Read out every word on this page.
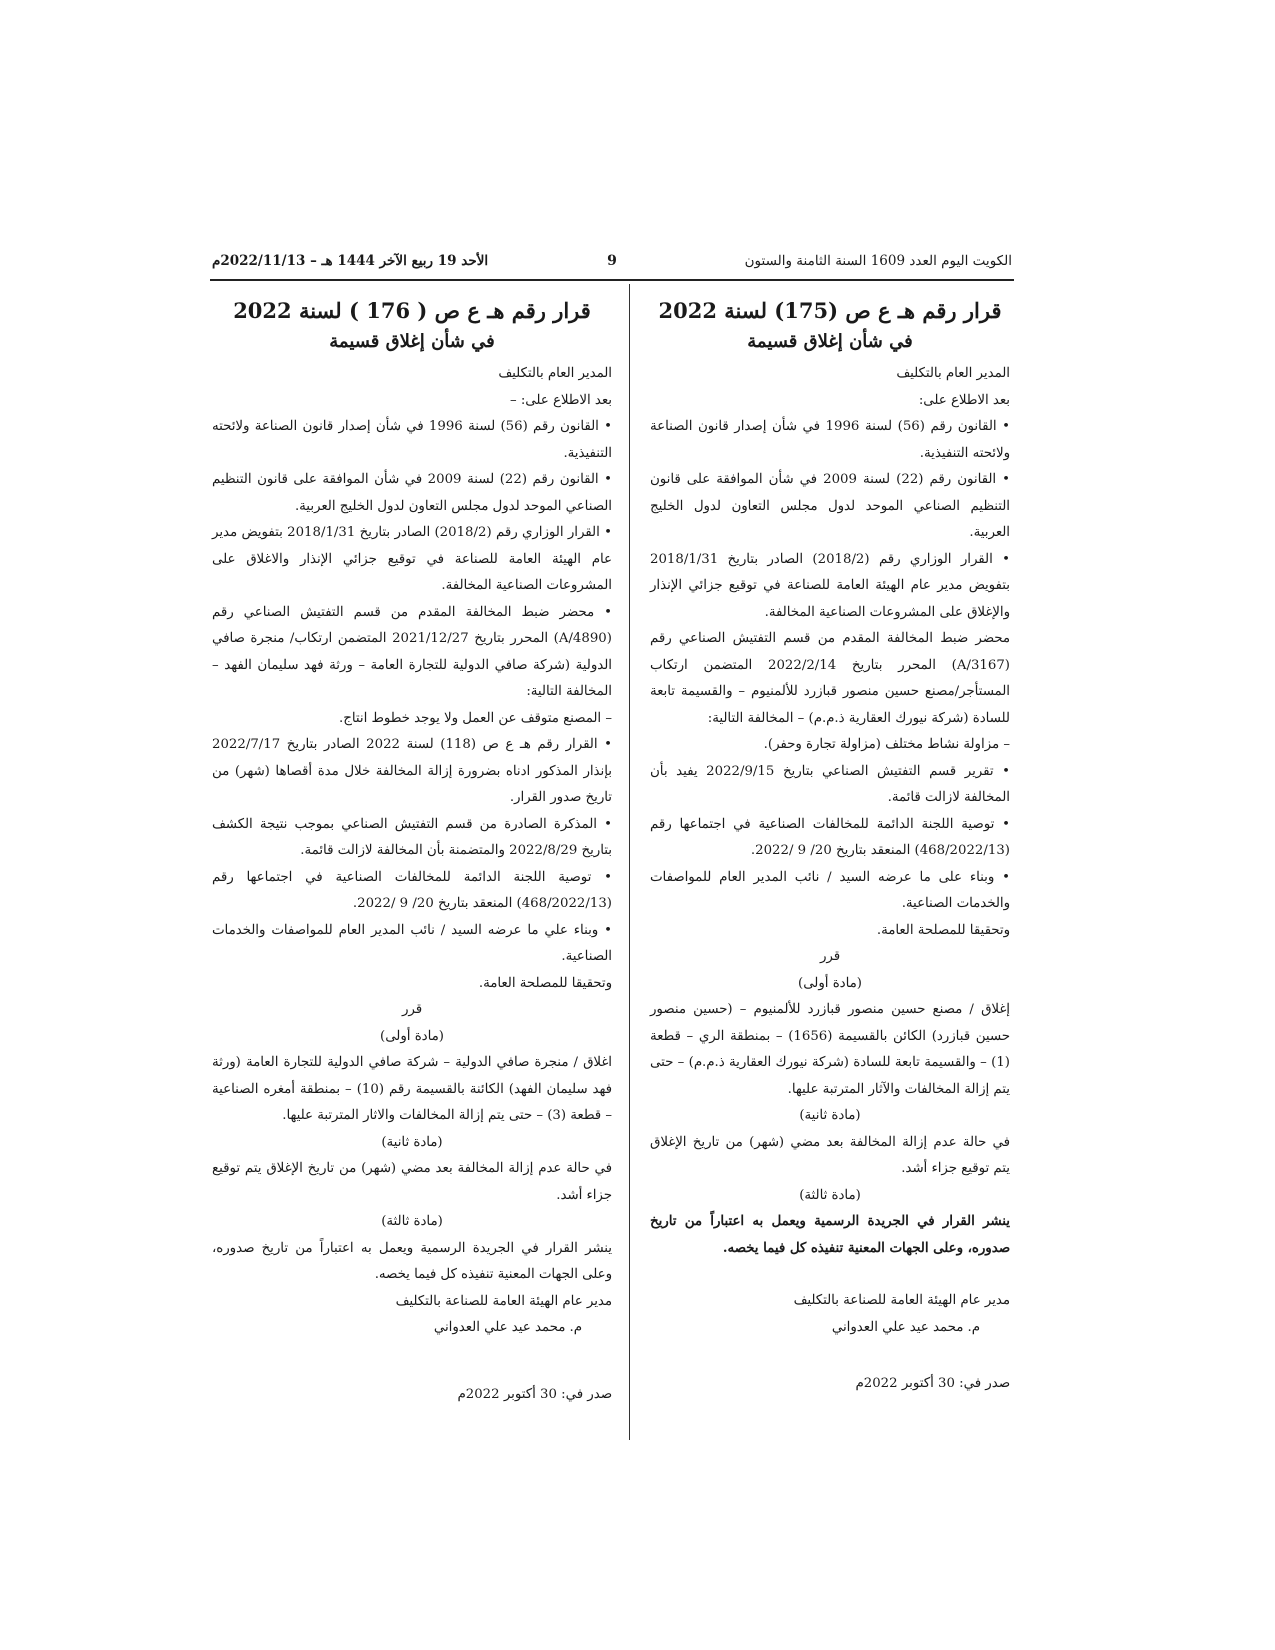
الكويت اليوم العدد 1609 السنة الثامنة والستون
9
الأحد 19 ربيع الآخر 1444 هـ – 2022/11/13م

قرار رقم هـ ع ص (175) لسنة 2022

في شأن إغلاق قسيمة

المدير العام بالتكليف

بعد الاطلاع على:

• القانون رقم (56) لسنة 1996 في شأن إصدار قانون الصناعة ولائحته التنفيذية.

• القانون رقم (22) لسنة 2009 في شأن الموافقة على قانون التنظيم الصناعي الموحد لدول مجلس التعاون لدول الخليج العربية.

• القرار الوزاري رقم (2018/2) الصادر بتاريخ 2018/1/31 بتفويض مدير عام الهيئة العامة للصناعة في توقيع جزائي الإنذار والإغلاق على المشروعات الصناعية المخالفة.

محضر ضبط المخالفة المقدم من قسم التفتيش الصناعي رقم (A/3167) المحرر بتاريخ 2022/2/14 المتضمن ارتكاب المستأجر/مصنع حسين منصور قبازرد للألمنيوم – والقسيمة تابعة للسادة (شركة نيورك العقارية ذ.م.م) – المخالفة التالية:

– مزاولة نشاط مختلف (مزاولة تجارة وحفر).

• تقرير قسم التفتيش الصناعي بتاريخ 2022/9/15 يفيد بأن المخالفة لازالت قائمة.

• توصية اللجنة الدائمة للمخالفات الصناعية في اجتماعها رقم (468/2022/13) المنعقد بتاريخ 20/ 9 /2022.

• وبناء على ما عرضه السيد / نائب المدير العام للمواصفات والخدمات الصناعية.

وتحقيقا للمصلحة العامة.

قرر

(مادة أولى)

إغلاق / مصنع حسين منصور قبازرد للألمنيوم – (حسين منصور حسين قبازرد) الكائن بالقسيمة (1656) – بمنطقة الري – قطعة (1) – والقسيمة تابعة للسادة (شركة نيورك العقارية ذ.م.م) – حتى يتم إزالة المخالفات والآثار المترتبة عليها.

(مادة ثانية)

في حالة عدم إزالة المخالفة بعد مضي (شهر) من تاريخ الإغلاق يتم توقيع جزاء أشد.

(مادة ثالثة)

ينشر القرار في الجريدة الرسمية ويعمل به اعتباراً من تاريخ صدوره، وعلى الجهات المعنية تنفيذه كل فيما يخصه.

مدير عام الهيئة العامة للصناعة بالتكليف

م. محمد عيد علي العدواني

صدر في: 30 أكتوبر 2022م

قرار رقم هـ ع ص ( 176 ) لسنة 2022

في شأن إغلاق قسيمة

المدير العام بالتكليف

بعد الاطلاع على: –

• القانون رقم (56) لسنة 1996 في شأن إصدار قانون الصناعة ولائحته التنفيذية.

• القانون رقم (22) لسنة 2009 في شأن الموافقة على قانون التنظيم الصناعي الموحد لدول مجلس التعاون لدول الخليج العربية.

• القرار الوزاري رقم (2018/2) الصادر بتاريخ 2018/1/31 بتفويض مدير عام الهيئة العامة للصناعة في توقيع جزائي الإنذار والاغلاق على المشروعات الصناعية المخالفة.

• محضر ضبط المخالفة المقدم من قسم التفتيش الصناعي رقم (A/4890) المحرر بتاريخ 2021/12/27 المتضمن ارتكاب/ منجرة صافي الدولية (شركة صافي الدولية للتجارة العامة – ورثة فهد سليمان الفهد – المخالفة التالية:

– المصنع متوقف عن العمل ولا يوجد خطوط انتاج.

• القرار رقم هـ ع ص (118) لسنة 2022 الصادر بتاريخ 2022/7/17 بإنذار المذكور ادناه بضرورة إزالة المخالفة خلال مدة أقصاها (شهر) من تاريخ صدور القرار.

• المذكرة الصادرة من قسم التفتيش الصناعي بموجب نتيجة الكشف بتاريخ 2022/8/29 والمتضمنة بأن المخالفة لازالت قائمة.

• توصية اللجنة الدائمة للمخالفات الصناعية في اجتماعها رقم (468/2022/13) المنعقد بتاريخ 20/ 9 /2022.

• وبناء علي ما عرضه السيد / نائب المدير العام للمواصفات والخدمات الصناعية.

وتحقيقا للمصلحة العامة.

قرر

(مادة أولى)

اغلاق / منجرة صافي الدولية – شركة صافي الدولية للتجارة العامة (ورثة فهد سليمان الفهد) الكائنة بالقسيمة رقم (10) – بمنطقة أمغره الصناعية – قطعة (3) – حتى يتم إزالة المخالفات والاثار المترتبة عليها.

(مادة ثانية)

في حالة عدم إزالة المخالفة بعد مضي (شهر) من تاريخ الإغلاق يتم توقيع جزاء أشد.

(مادة ثالثة)

ينشر القرار في الجريدة الرسمية ويعمل به اعتباراً من تاريخ صدوره، وعلى الجهات المعنية تنفيذه كل فيما يخصه.

مدير عام الهيئة العامة للصناعة بالتكليف

م. محمد عيد علي العدواني

صدر في: 30 أكتوبر 2022م
